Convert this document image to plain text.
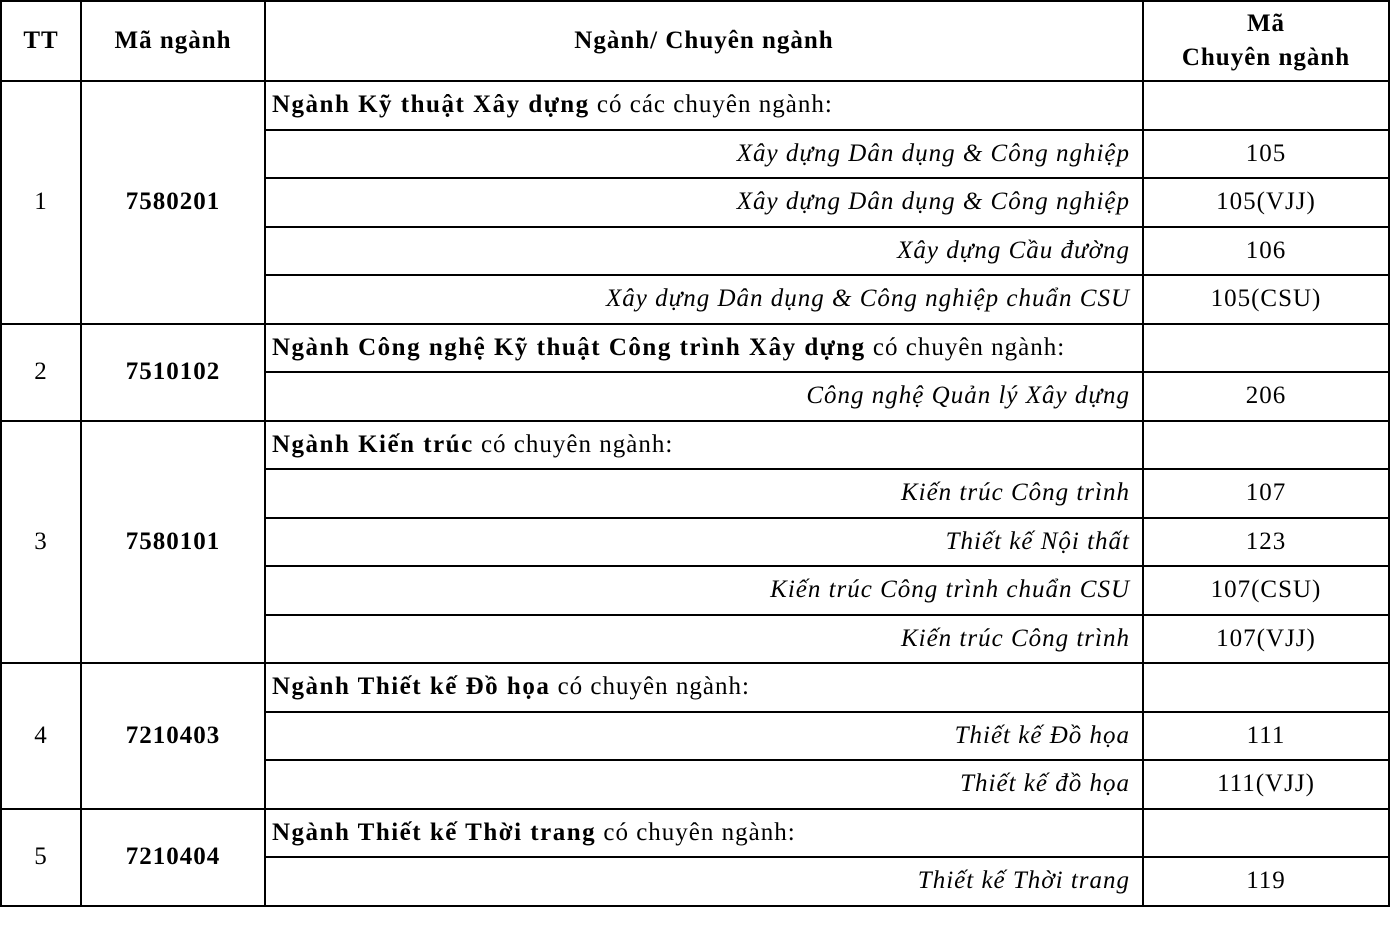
TT	Mã ngành	Ngành/ Chuyên ngành	Mã
Chuyên ngành
1	7580201	Ngành Kỹ thuật Xây dựng có các chuyên ngành:	
		Xây dựng Dân dụng & Công nghiệp	105
		Xây dựng Dân dụng & Công nghiệp	105(VJJ)
		Xây dựng Cầu đường	106
		Xây dựng Dân dụng & Công nghiệp chuẩn CSU	105(CSU)
2	7510102	Ngành Công nghệ Kỹ thuật Công trình Xây dựng có chuyên ngành:	
		Công nghệ Quản lý Xây dựng	206
3	7580101	Ngành Kiến trúc có chuyên ngành:	
		Kiến trúc Công trình	107
		Thiết kế Nội thất	123
		Kiến trúc Công trình chuẩn CSU	107(CSU)
		Kiến trúc Công trình	107(VJJ)
4	7210403	Ngành Thiết kế Đồ họa có chuyên ngành:	
		Thiết kế Đồ họa	111
		Thiết kế đồ họa	111(VJJ)
5	7210404	Ngành Thiết kế Thời trang có chuyên ngành:	
		Thiết kế Thời trang	119
